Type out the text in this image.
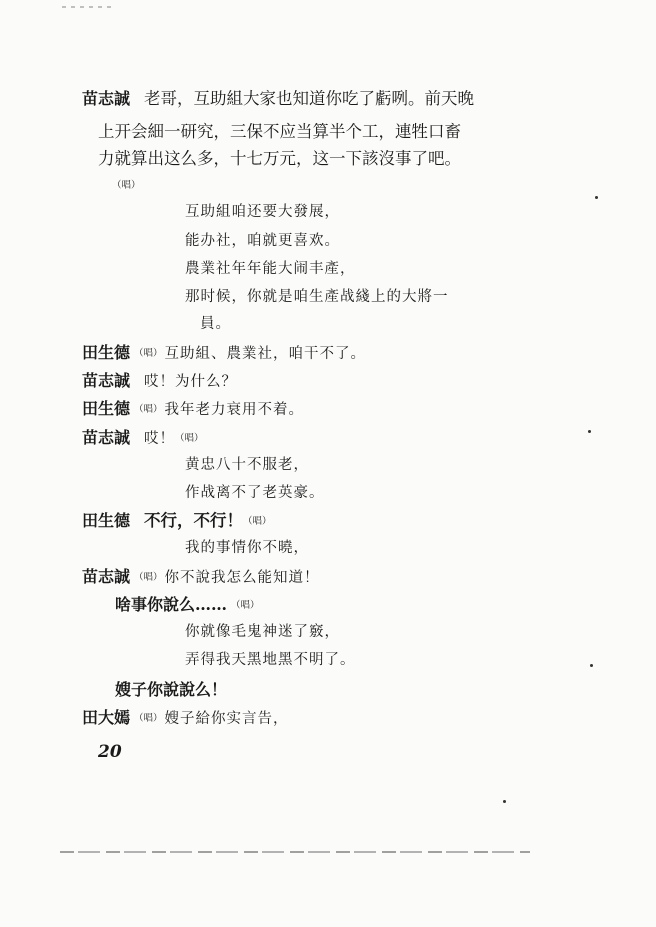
苗志誠 老哥，互助組大家也知道你吃了虧咧。前天晚
上开会細一研究，三保不应当算半个工，連牲口畜
力就算出这么多，十七万元，这一下該沒事了吧。
（唱）
互助組咱还要大發展，
能办社，咱就更喜欢。
農業社年年能大闹丰產，
那时候，你就是咱生產战綫上的大將一
員。
田生德 （唱） 互助組、農業社，咱干不了。
苗志誠 哎！为什么？
田生德 （唱） 我年老力衰用不着。
苗志誠 哎！（唱）
黄忠八十不服老，
作战离不了老英豪。
田生德 不行，不行！（唱）
我的事情你不曉，
苗志誠 （唱） 你不說我怎么能知道！
啥事你說么…… （唱）
你就像毛鬼神迷了竅，
弄得我天黑地黑不明了。
嫂子你說說么！
田大嫣 （唱） 嫂子給你实言告，
20
